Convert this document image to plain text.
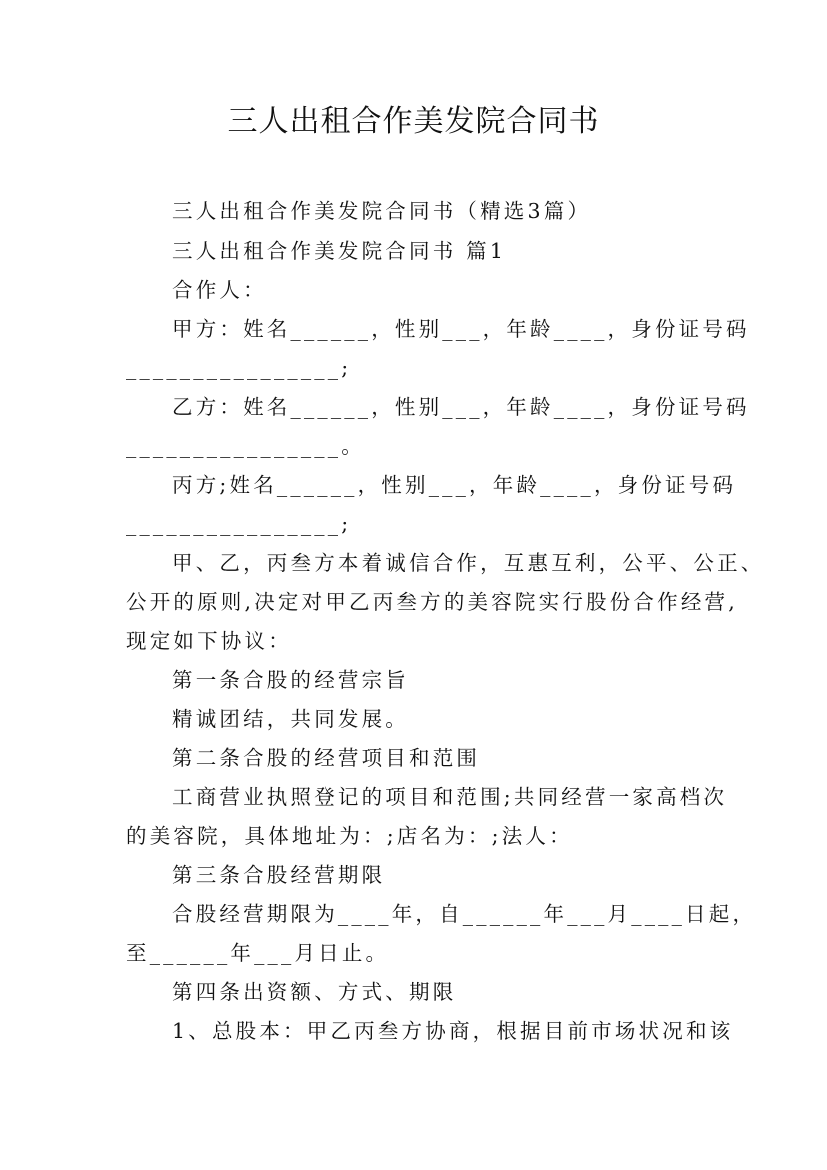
三人出租合作美发院合同书
三人出租合作美发院合同书（精选3篇）
三人出租合作美发院合同书 篇1
合作人：
甲方：姓名______，性别___，年龄____，身份证号码
________________;
乙方：姓名______，性别___，年龄____，身份证号码
________________。
丙方;姓名______，性别___，年龄____，身份证号码
________________;
甲、乙，丙叁方本着诚信合作，互惠互利，公平、公正、
公开的原则,决定对甲乙丙叁方的美容院实行股份合作经营,
现定如下协议：
第一条合股的经营宗旨
精诚团结，共同发展。
第二条合股的经营项目和范围
工商营业执照登记的项目和范围;共同经营一家高档次
的美容院，具体地址为：;店名为：;法人：
第三条合股经营期限
合股经营期限为____年，自______年___月____日起，
至______年___月日止。
第四条出资额、方式、期限
1、总股本：甲乙丙叁方协商，根据目前市场状况和该
